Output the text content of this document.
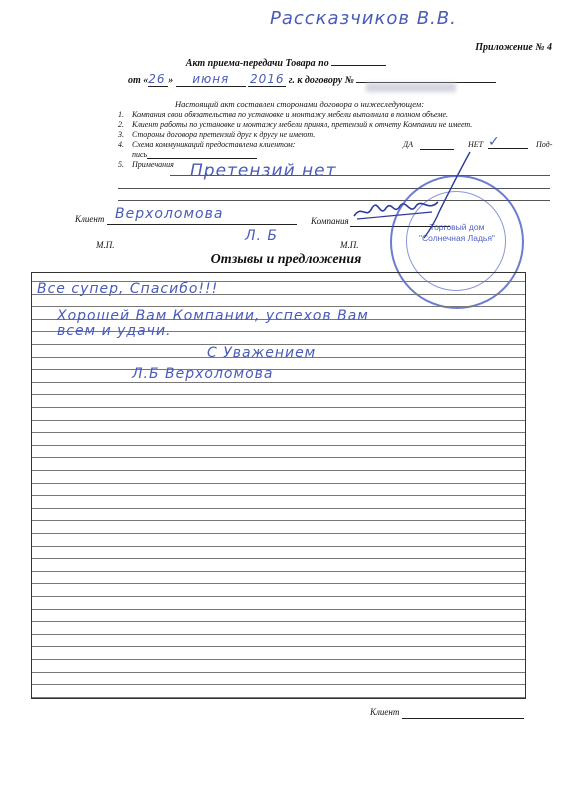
Рассказчиков В.В.
Приложение № 4
Акт приема-передачи Товара по
от «26 » июня 2016 г. к договору №
Настоящий акт составлен сторонами договора о нижеследующем:
1.	Компания свои обязательства по установке и монтажу мебели выполнила в полном объеме.
2.	Клиент работы по установке и монтажу мебели принял, претензий к отчету Компании не имеет.
3.	Стороны договора претензий друг к другу не имеют.
4.	Схема коммуникаций предоставлена клиентом:	ДА	НЕТ ✓	Под-
пись
5.	Примечания Претензий нет
Клиент Верхоломова
Л. Б
Компания
М.П.	М.П.
Торговый дом
"Солнечная Ладья"
Отзывы и предложения
Все супер, Спасибо!!!
Хорошей Вам Компании, успехов Вам
всем и удачи.
С Уважением
Л.Б Верхоломова
Клиент
